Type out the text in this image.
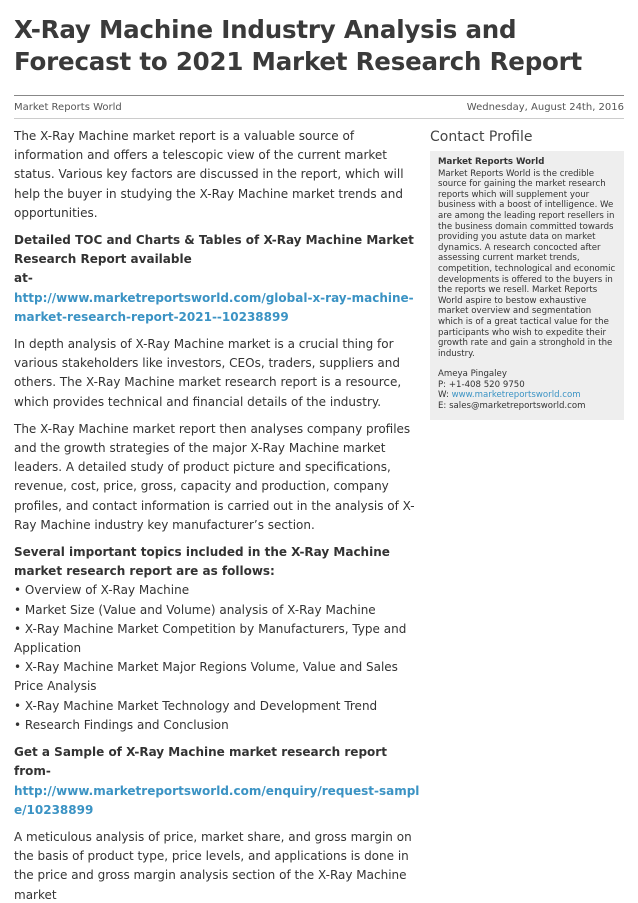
X-Ray Machine Industry Analysis and Forecast to 2021 Market Research Report
Market Reports World	Wednesday, August 24th, 2016

The X-Ray Machine market report is a valuable source of information and offers a telescopic view of the current market status. Various key factors are discussed in the report, which will help the buyer in studying the X-Ray Machine market trends and opportunities.

Detailed TOC and Charts & Tables of X-Ray Machine Market Research Report available
at-
http://www.marketreportsworld.com/global-x-ray-machine-market-research-report-2021--10238899

In depth analysis of X-Ray Machine market is a crucial thing for various stakeholders like investors, CEOs, traders, suppliers and others. The X-Ray Machine market research report is a resource, which provides technical and financial details of the industry.

The X-Ray Machine market report then analyses company profiles and the growth strategies of the major X-Ray Machine market leaders. A detailed study of product picture and specifications, revenue, cost, price, gross, capacity and production, company profiles, and contact information is carried out in the analysis of X-Ray Machine industry key manufacturer’s section.

Several important topics included in the X-Ray Machine market research report are as follows:

• Overview of X-Ray Machine
• Market Size (Value and Volume) analysis of X-Ray Machine
• X-Ray Machine Market Competition by Manufacturers, Type and Application
• X-Ray Machine Market Major Regions Volume, Value and Sales Price Analysis
• X-Ray Machine Market Technology and Development Trend
• Research Findings and Conclusion

Get a Sample of X-Ray Machine market research report
from-
http://www.marketreportsworld.com/enquiry/request-sample/10238899

A meticulous analysis of price, market share, and gross margin on the basis of product type, price levels, and applications is done in the price and gross margin analysis section of the X-Ray Machine market

Contact Profile
Market Reports World
Market Reports World is the credible source for gaining the market research reports which will supplement your business with a boost of intelligence. We are among the leading report resellers in the business domain committed towards providing you astute data on market dynamics. A research concocted after assessing current market trends, competition, technological and economic developments is offered to the buyers in the reports we resell. Market Reports World aspire to bestow exhaustive market overview and segmentation which is of a great tactical value for the participants who wish to expedite their growth rate and gain a stronghold in the industry.
Ameya Pingaley
P: +1-408 520 9750
W: www.marketreportsworld.com
E: sales@marketreportsworld.com
